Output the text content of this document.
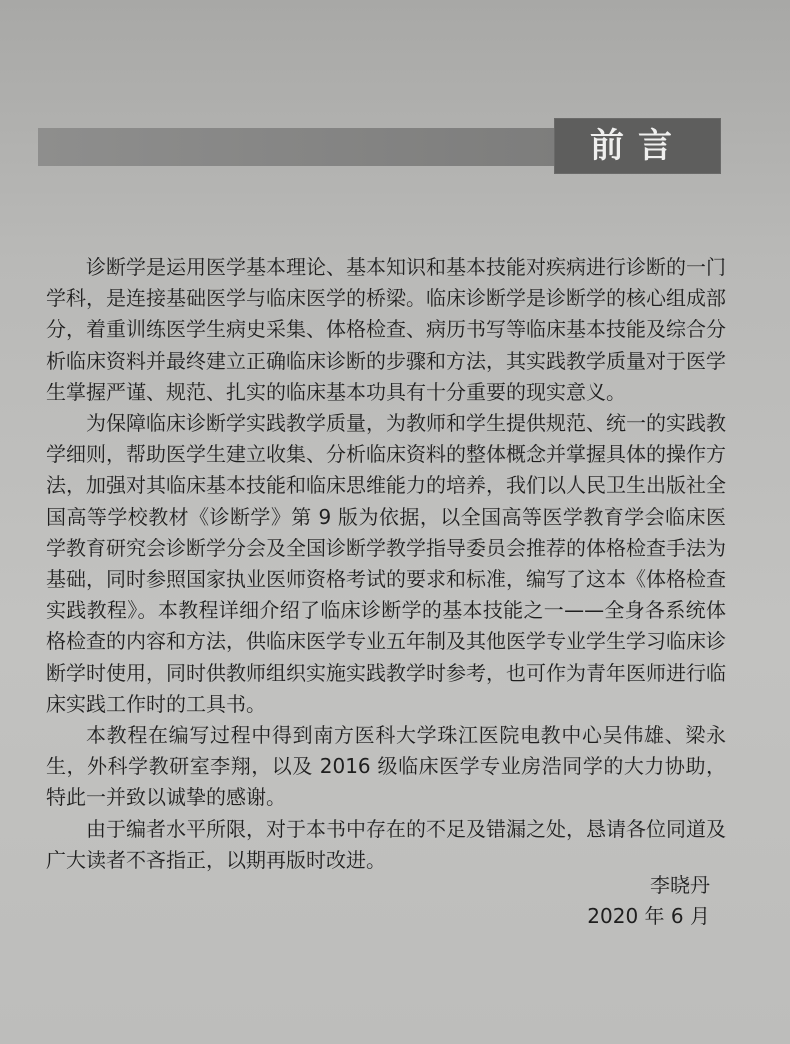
前言

诊断学是运用医学基本理论、基本知识和基本技能对疾病进行诊断的一门学科，是连接基础医学与临床医学的桥梁。临床诊断学是诊断学的核心组成部分，着重训练医学生病史采集、体格检查、病历书写等临床基本技能及综合分析临床资料并最终建立正确临床诊断的步骤和方法，其实践教学质量对于医学生掌握严谨、规范、扎实的临床基本功具有十分重要的现实意义。

为保障临床诊断学实践教学质量，为教师和学生提供规范、统一的实践教学细则，帮助医学生建立收集、分析临床资料的整体概念并掌握具体的操作方法，加强对其临床基本技能和临床思维能力的培养，我们以人民卫生出版社全国高等学校教材《诊断学》第 9 版为依据，以全国高等医学教育学会临床医学教育研究会诊断学分会及全国诊断学教学指导委员会推荐的体格检查手法为基础，同时参照国家执业医师资格考试的要求和标准，编写了这本《体格检查实践教程》。本教程详细介绍了临床诊断学的基本技能之一——全身各系统体格检查的内容和方法，供临床医学专业五年制及其他医学专业学生学习临床诊断学时使用，同时供教师组织实施实践教学时参考，也可作为青年医师进行临床实践工作时的工具书。

本教程在编写过程中得到南方医科大学珠江医院电教中心吴伟雄、梁永生，外科学教研室李翔，以及 2016 级临床医学专业房浩同学的大力协助，特此一并致以诚挚的感谢。

由于编者水平所限，对于本书中存在的不足及错漏之处，恳请各位同道及广大读者不吝指正，以期再版时改进。

李晓丹
2020 年 6 月
